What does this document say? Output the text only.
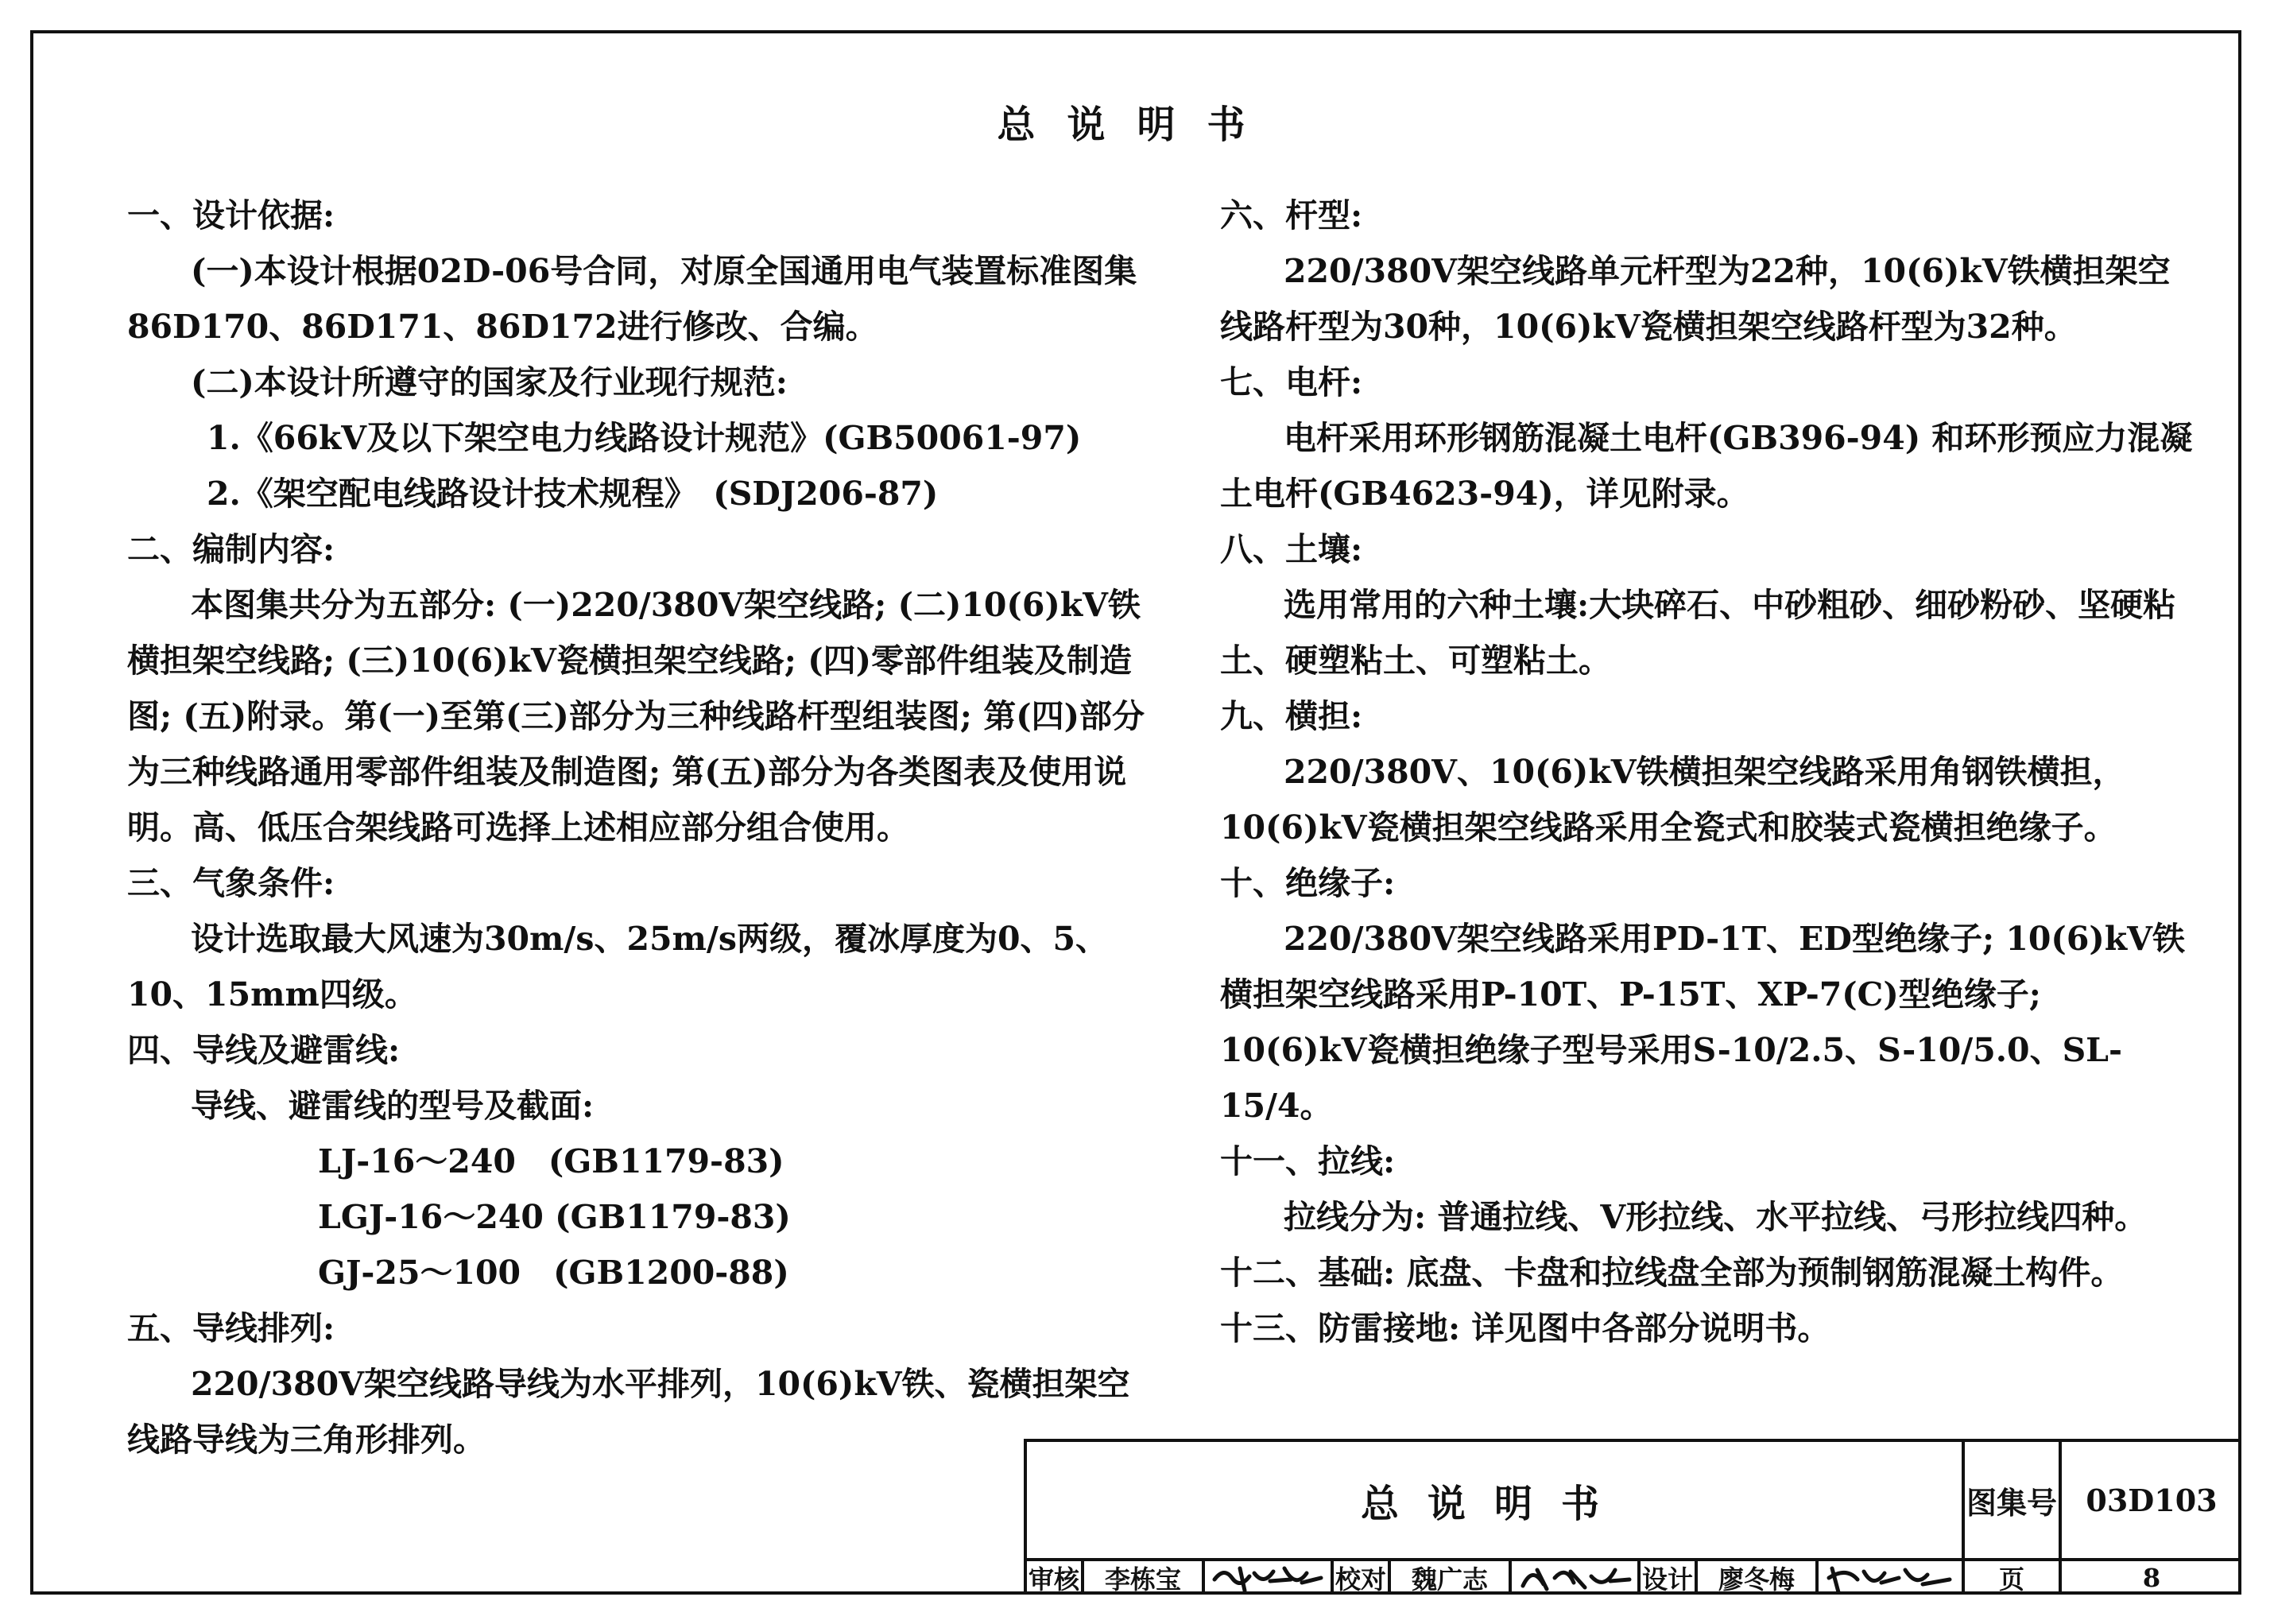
总说明书

一、设计依据:

(一)本设计根据02D-06号合同，对原全国通用电气装置标准图集86D170、86D171、86D172进行修改、合编。

(二)本设计所遵守的国家及行业现行规范:

1.《66kV及以下架空电力线路设计规范》(GB50061-97)

2.《架空配电线路设计技术规程》　(SDJ206-87)

二、编制内容:

本图集共分为五部分: (一)220/380V架空线路; (二)10(6)kV铁横担架空线路; (三)10(6)kV瓷横担架空线路; (四)零部件组装及制造图; (五)附录。第(一)至第(三)部分为三种线路杆型组装图; 第(四)部分为三种线路通用零部件组装及制造图; 第(五)部分为各类图表及使用说明。高、低压合架线路可选择上述相应部分组合使用。

三、气象条件:

设计选取最大风速为30m/s、25m/s两级，覆冰厚度为0、5、10、15mm四级。

四、导线及避雷线:

导线、避雷线的型号及截面:

LJ-16～240　(GB1179-83)

LGJ-16～240 (GB1179-83)

GJ-25～100　(GB1200-88)

五、导线排列:

220/380V架空线路导线为水平排列，10(6)kV铁、瓷横担架空线路导线为三角形排列。

六、杆型:

220/380V架空线路单元杆型为22种，10(6)kV铁横担架空线路杆型为30种，10(6)kV瓷横担架空线路杆型为32种。

七、电杆:

电杆采用环形钢筋混凝土电杆(GB396-94) 和环形预应力混凝土电杆(GB4623-94)，详见附录。

八、土壤:

选用常用的六种土壤:大块碎石、中砂粗砂、细砂粉砂、坚硬粘土、硬塑粘土、可塑粘土。

九、横担:

220/380V、10(6)kV铁横担架空线路采用角钢铁横担，10(6)kV瓷横担架空线路采用全瓷式和胶装式瓷横担绝缘子。

十、绝缘子:

220/380V架空线路采用PD-1T、ED型绝缘子; 10(6)kV铁横担架空线路采用P-10T、P-15T、XP-7(C)型绝缘子; 10(6)kV瓷横担绝缘子型号采用S-10/2.5、S-10/5.0、SL-15/4。

十一、拉线:

拉线分为: 普通拉线、V形拉线、水平拉线、弓形拉线四种。

十二、基础: 底盘、卡盘和拉线盘全部为预制钢筋混凝土构件。

十三、防雷接地: 详见图中各部分说明书。

总说明书	图集号 03D103
审核 李栋宝	校对 魏广志	设计 廖冬梅	页	8
